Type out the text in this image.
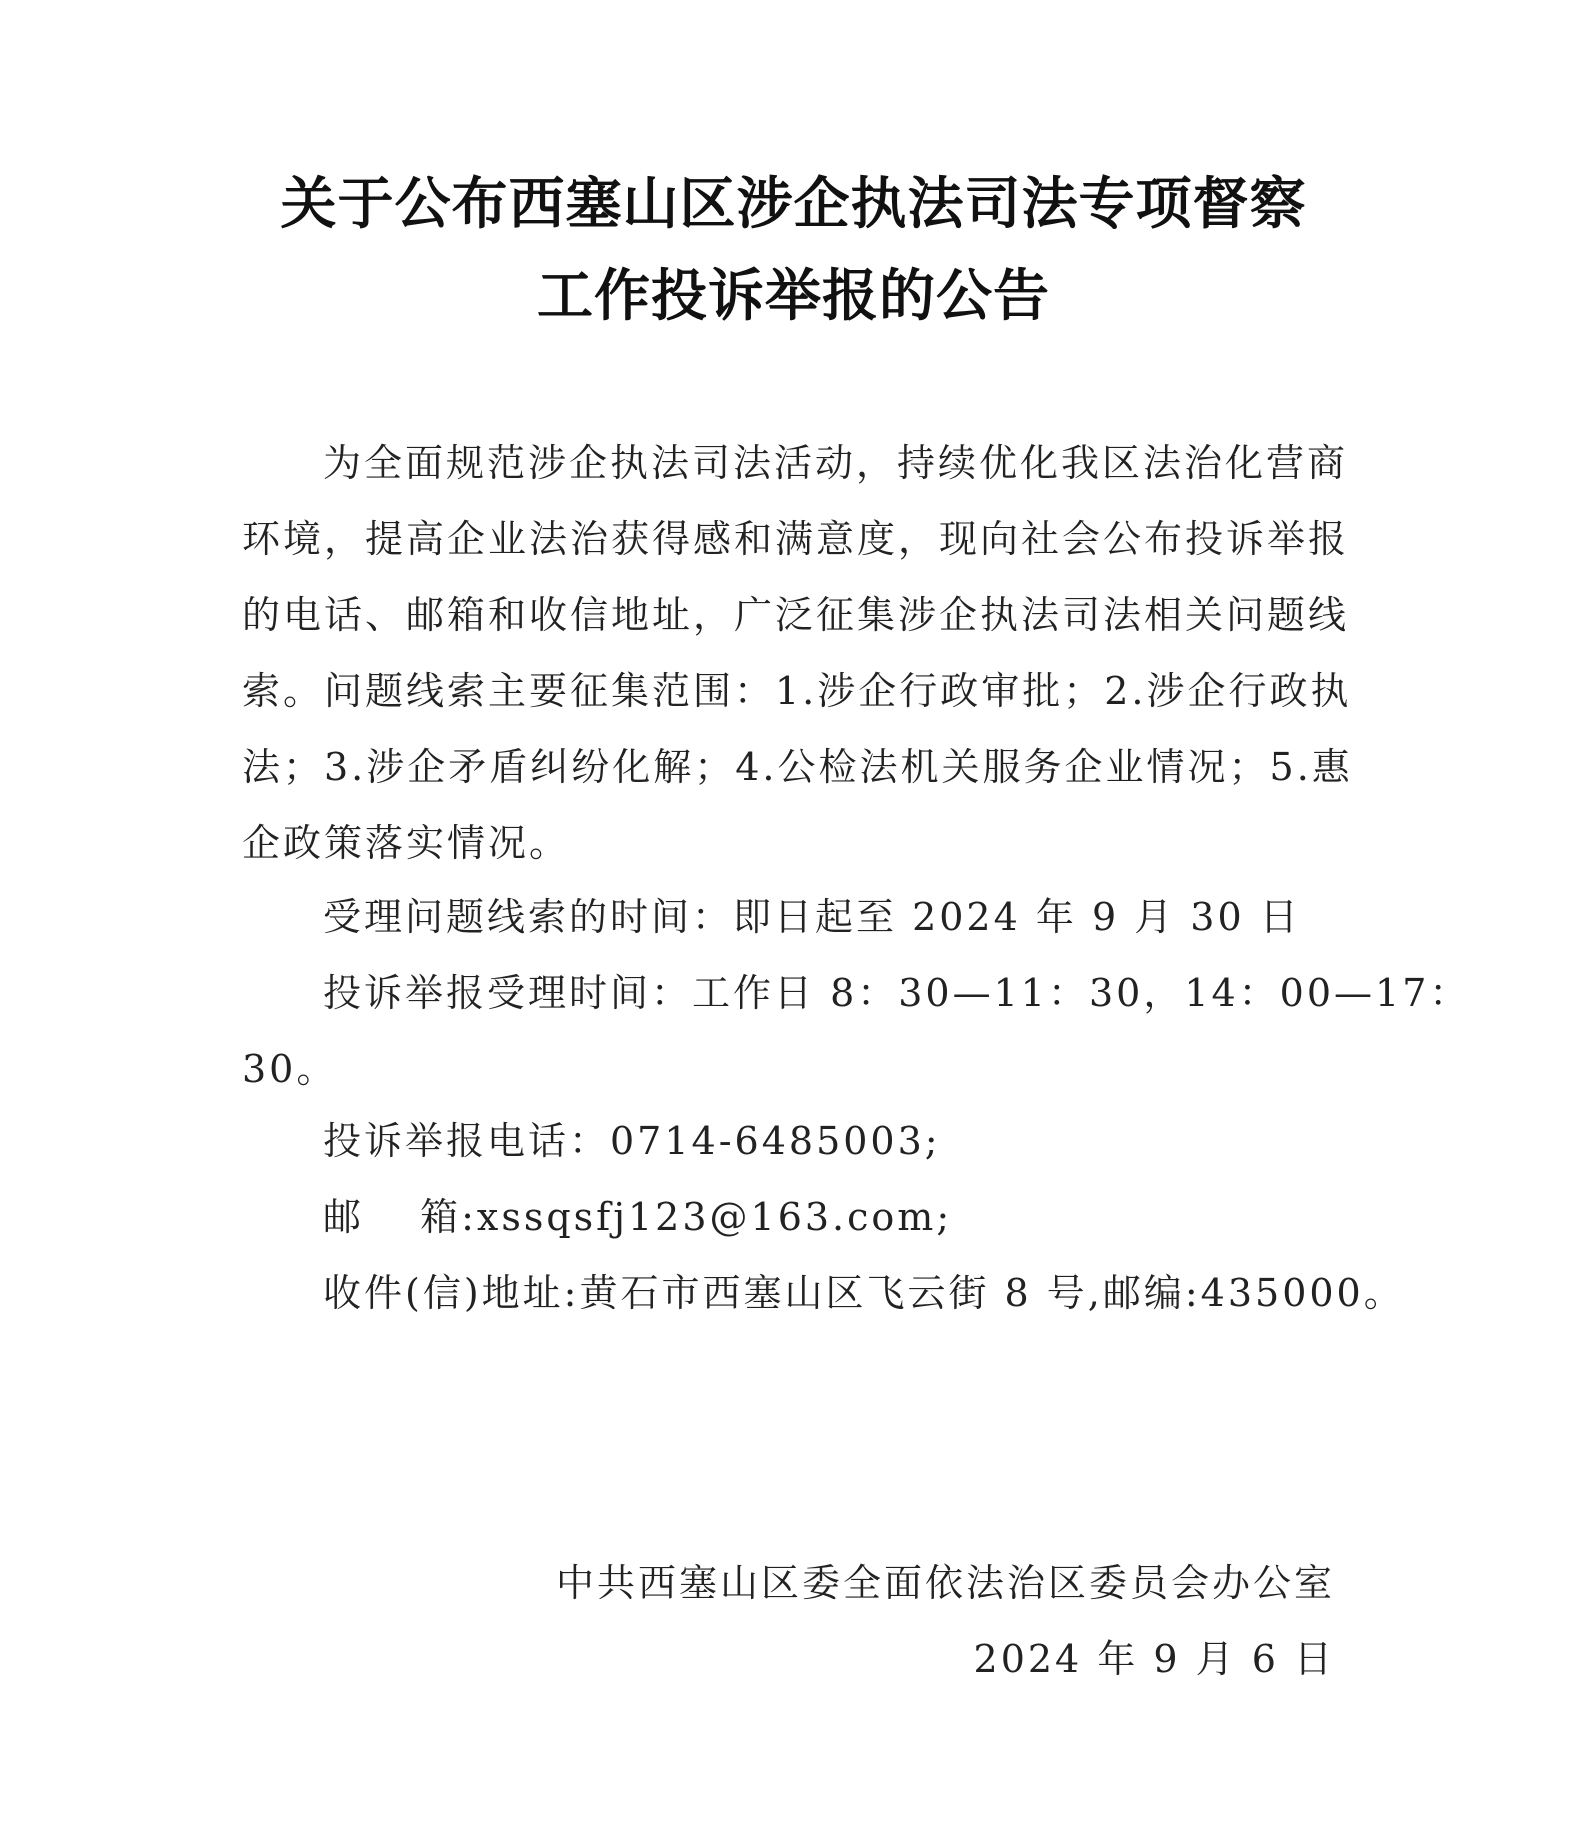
关于公布西塞山区涉企执法司法专项督察
工作投诉举报的公告
为全面规范涉企执法司法活动，持续优化我区法治化营商
环境，提高企业法治获得感和满意度，现向社会公布投诉举报
的电话、邮箱和收信地址，广泛征集涉企执法司法相关问题线
索。问题线索主要征集范围：1.涉企行政审批；2.涉企行政执
法；3.涉企矛盾纠纷化解；4.公检法机关服务企业情况；5.惠
企政策落实情况。
受理问题线索的时间：即日起至 2024 年 9 月 30 日
投诉举报受理时间：工作日 8：30—11：30，14：00—17：
30。
投诉举报电话：0714-6485003;
邮　 箱:xssqsfj123@163.com;
收件(信)地址:黄石市西塞山区飞云街 8 号,邮编:435000。
中共西塞山区委全面依法治区委员会办公室
2024 年 9 月 6 日
